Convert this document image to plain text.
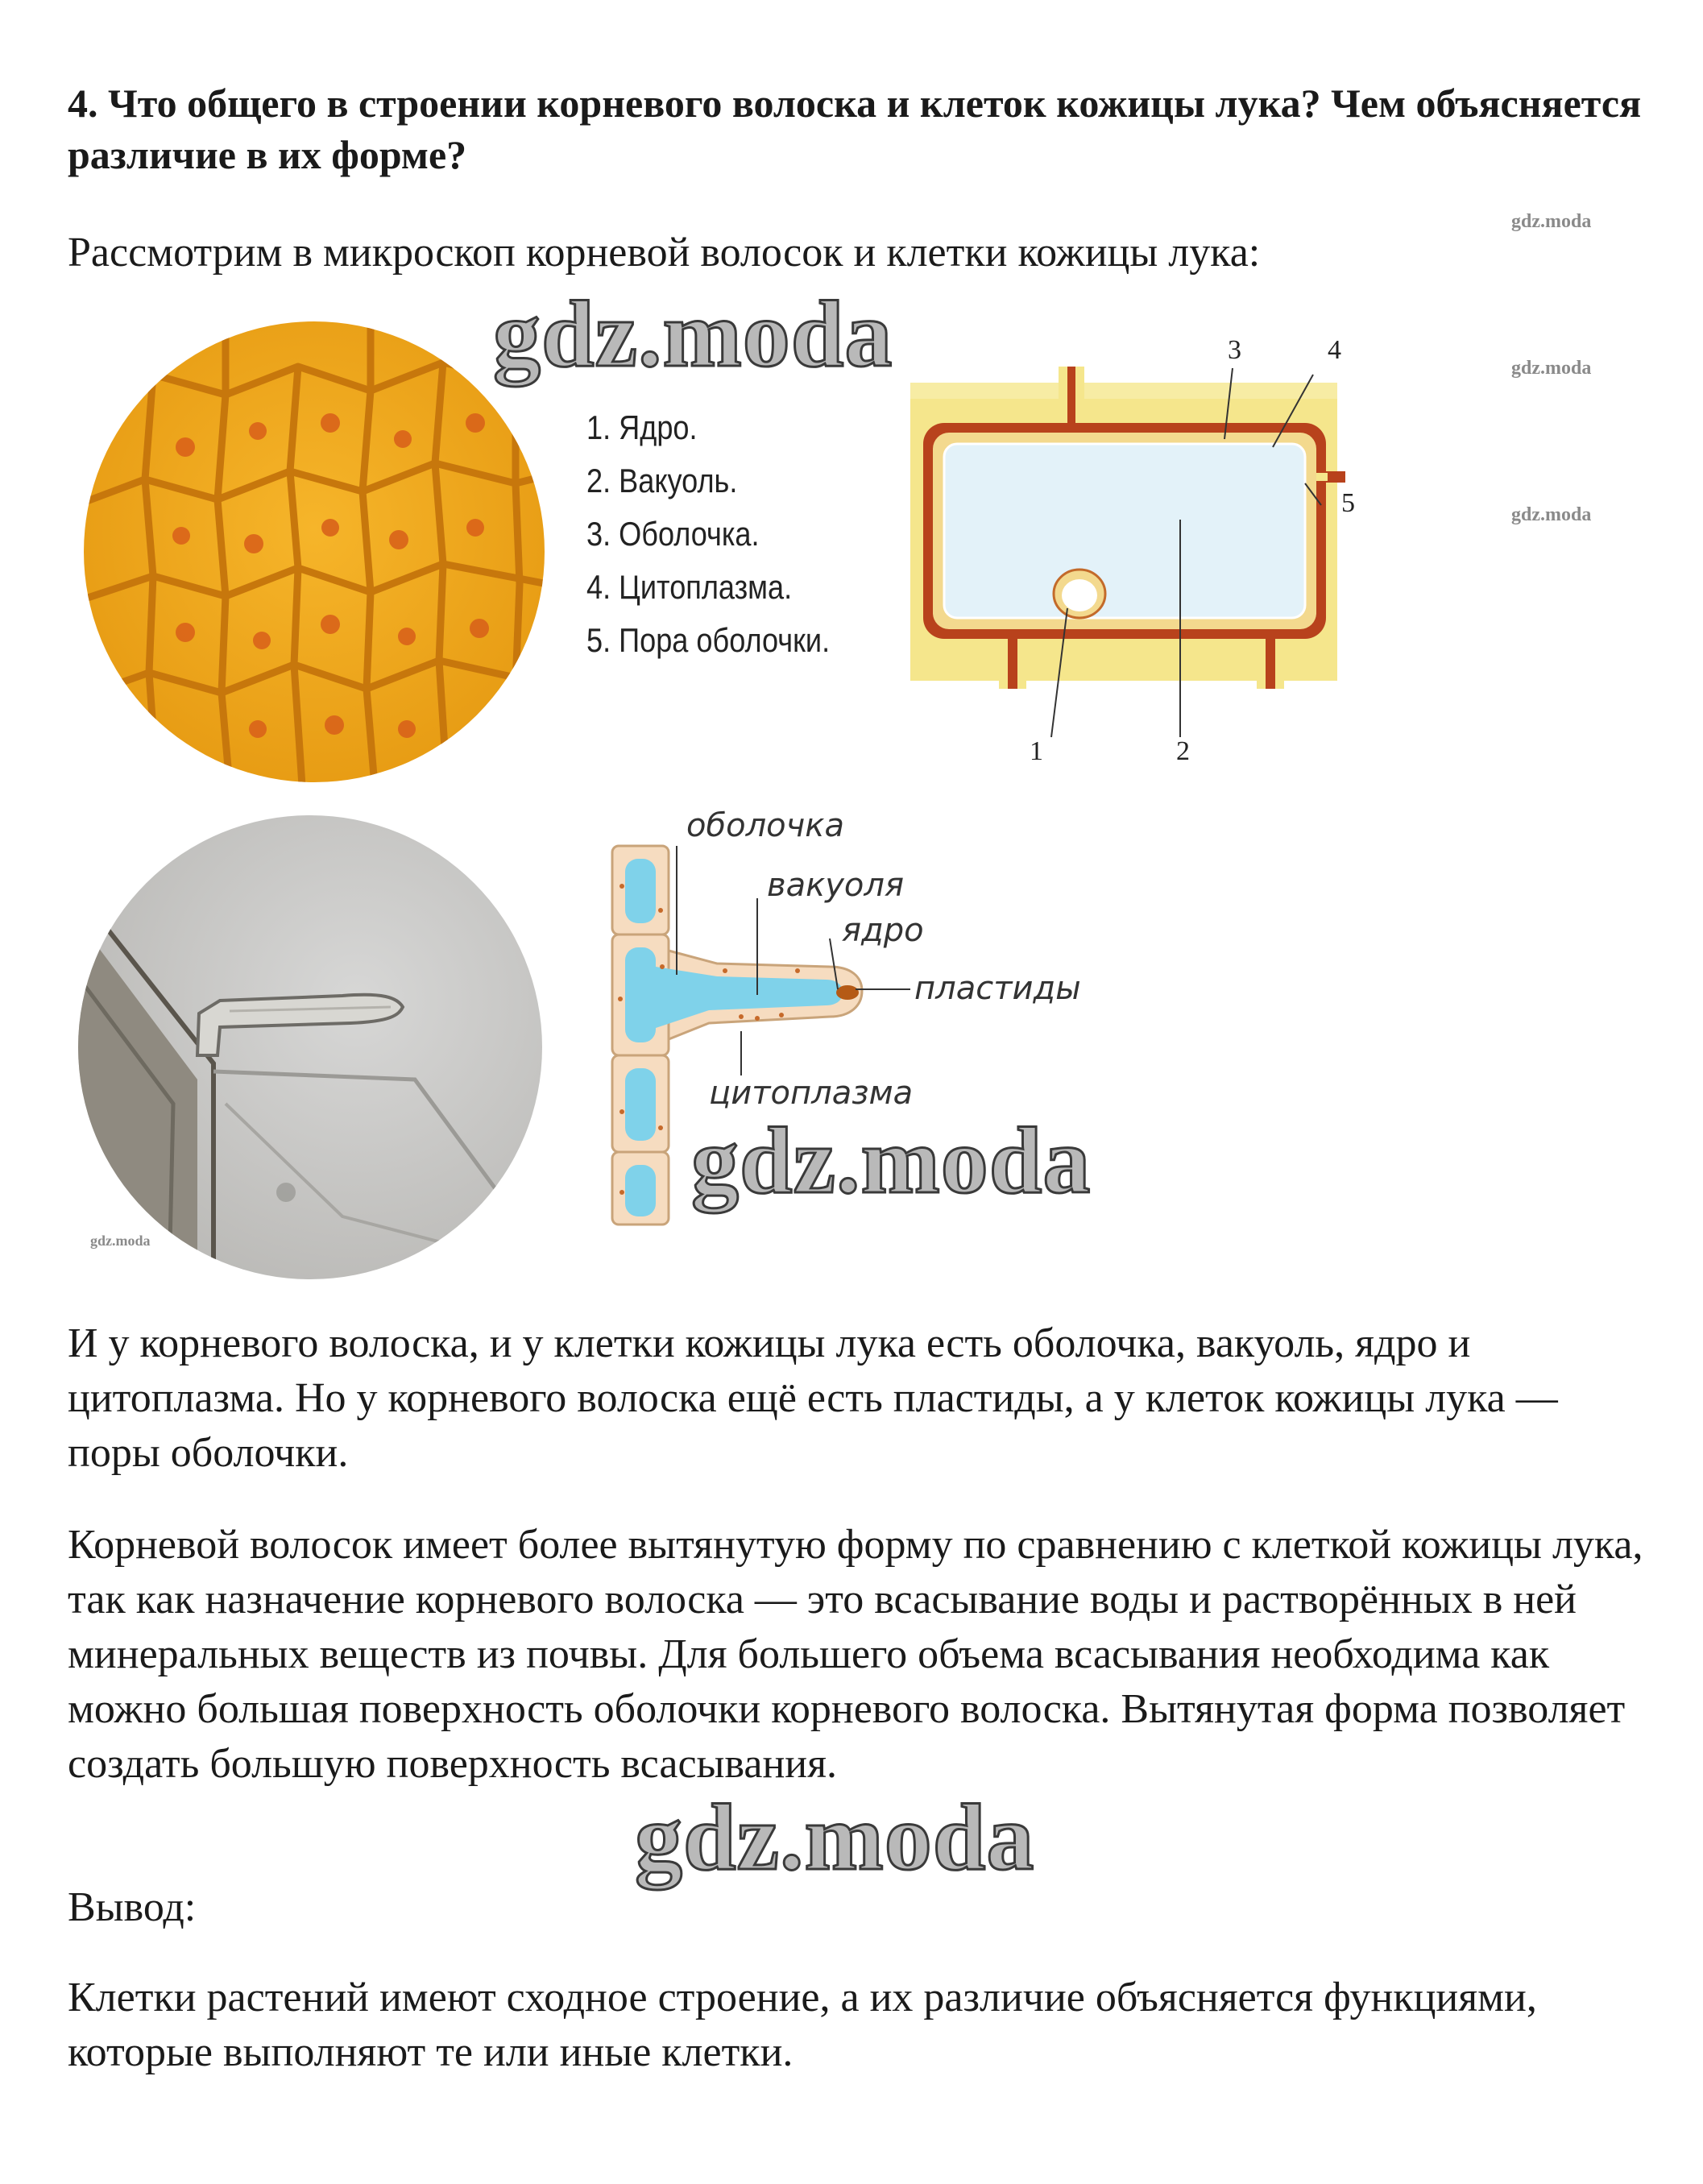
4. Что общего в строении корневого волоска и клеток кожицы лука? Чем объясняется различие в их форме?
Рассмотрим в микроскоп корневой волосок и клетки кожицы лука:
gdz.moda
gdz.moda
gdz.moda
gdz.moda
gdz.moda
1. Ядро.
2. Вакуоль.
3. Оболочка.
4. Цитоплазма.
5. Пора оболочки.
3	4
5
1	2
оболочка
вакуоля
ядро
пластиды
цитоплазма
gdz.moda
И у корневого волоска, и у клетки кожицы лука есть оболочка, вакуоль, ядро и цитоплазма. Но у корневого волоска ещё есть пластиды, а у клеток кожицы лука — поры оболочки.
Корневой волосок имеет более вытянутую форму по сравнению с клеткой кожицы лука, так как назначение корневого волоска — это всасывание воды и растворённых в ней минеральных веществ из почвы. Для большего объема всасывания необходима как можно большая поверхность оболочки корневого волоска. Вытянутая форма позволяет создать большую поверхность всасывания.
gdz.moda
Вывод:
Клетки растений имеют сходное строение, а их различие объясняется функциями, которые выполняют те или иные клетки.
